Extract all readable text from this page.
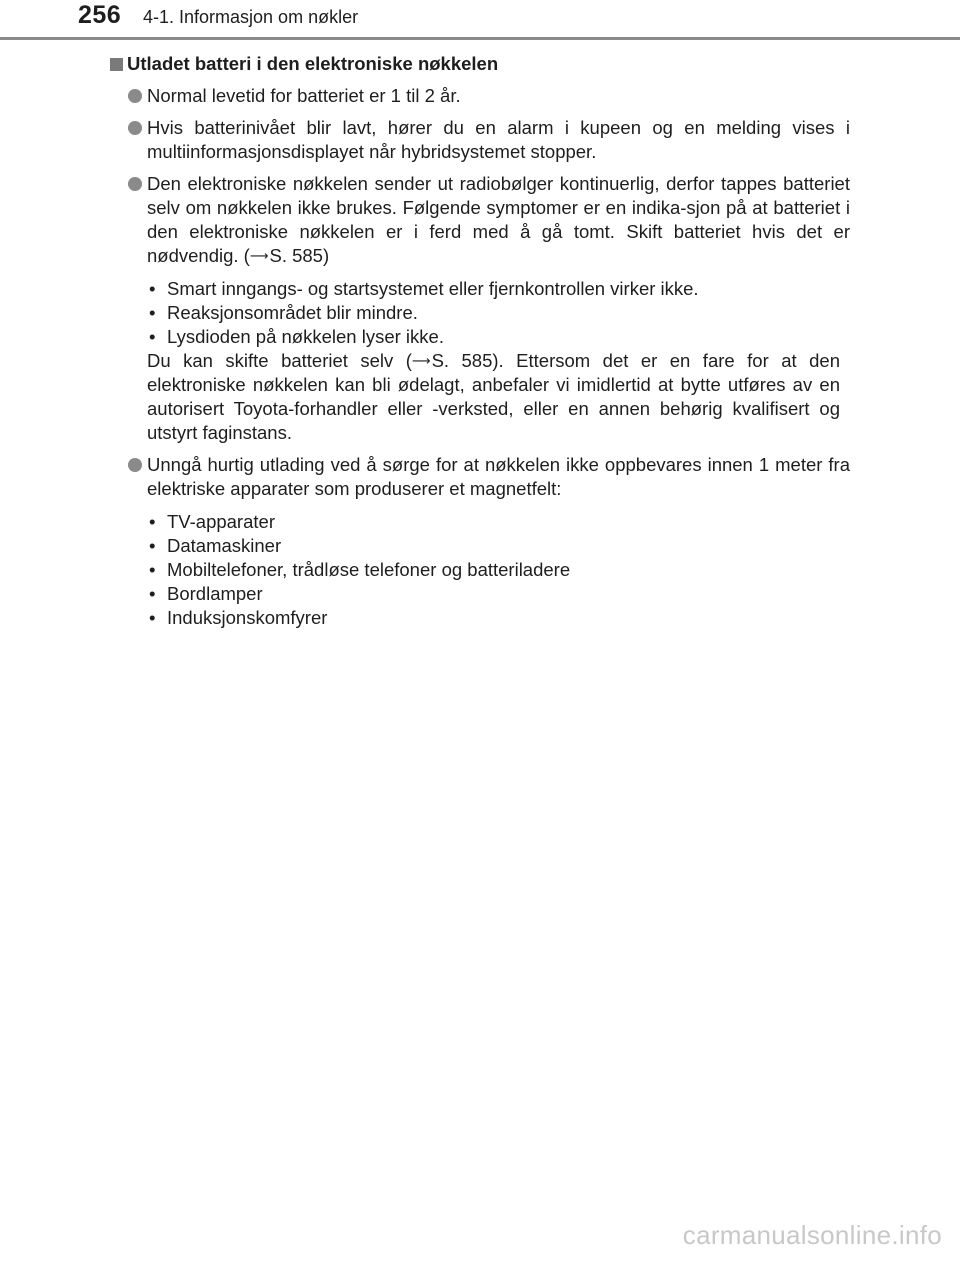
256 4-1. Informasjon om nøkler
Utladet batteri i den elektroniske nøkkelen
Normal levetid for batteriet er 1 til 2 år.
Hvis batterinivået blir lavt, hører du en alarm i kupeen og en melding vises i multiinformasjonsdisplayet når hybridsystemet stopper.
Den elektroniske nøkkelen sender ut radiobølger kontinuerlig, derfor tappes batteriet selv om nøkkelen ikke brukes. Følgende symptomer er en indika-sjon på at batteriet i den elektroniske nøkkelen er i ferd med å gå tomt. Skift batteriet hvis det er nødvendig. (⟶S. 585)
• Smart inngangs- og startsystemet eller fjernkontrollen virker ikke.
• Reaksjonsområdet blir mindre.
• Lysdioden på nøkkelen lyser ikke.
Du kan skifte batteriet selv (⟶S. 585). Ettersom det er en fare for at den elektroniske nøkkelen kan bli ødelagt, anbefaler vi imidlertid at bytte utføres av en autorisert Toyota-forhandler eller -verksted, eller en annen behørig kvalifisert og utstyrt faginstans.
Unngå hurtig utlading ved å sørge for at nøkkelen ikke oppbevares innen 1 meter fra elektriske apparater som produserer et magnetfelt:
• TV-apparater
• Datamaskiner
• Mobiltelefoner, trådløse telefoner og batteriladere
• Bordlamper
• Induksjonskomfyrer
carmanualsonline.info
